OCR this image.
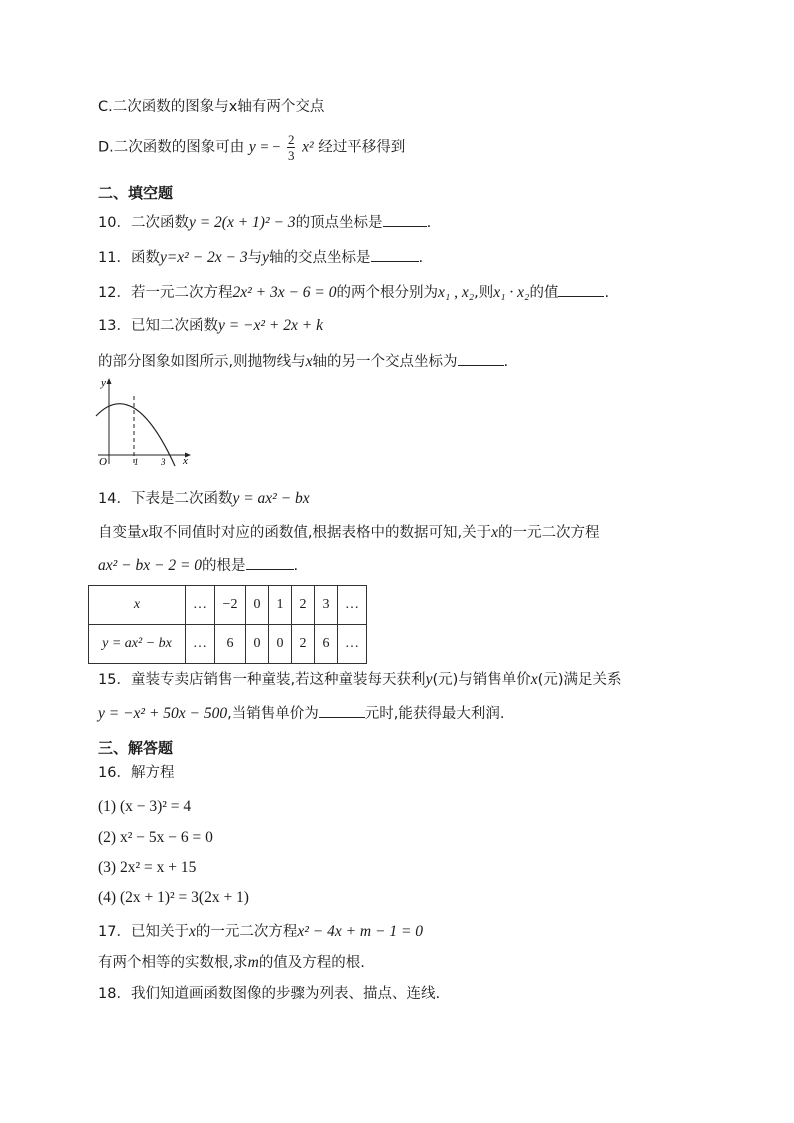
C.二次函数的图象与x轴有两个交点
D.二次函数的图象可由 y = − $\frac{2}{3} x^2$ 经过平移得到
二、填空题
10．二次函数y = 2(x + 1)² − 3的顶点坐标是	.
11．函数y=x² − 2x − 3与y轴的交点坐标是	.
12．若一元二次方程2x² + 3x − 6 = 0的两个根分别为x₁ , x₂,则x₁ · x₂的值	.
13．已知二次函数y = −x² + 2x + k
的部分图象如图所示,则抛物线与x轴的另一个交点坐标为	.
y
x
O	1	3
14．下表是二次函数y = ax² − bx
自变量x取不同值时对应的函数值,根据表格中的数据可知,关于x的一元二次方程
ax² − bx − 2 = 0的根是	.
x	…	−2	0	1	2	3	…
y = ax² − bx	…	6	0	0	2	6	…
15．童装专卖店销售一种童装,若这种童装每天获利y(元)与销售单价x(元)满足关系
y = −x² + 50x − 500,当销售单价为	元时,能获得最大利润.
三、解答题
16．解方程
(1) (x − 3)² = 4
(2) x² − 5x − 6 = 0
(3) 2x² = x + 15
(4) (2x + 1)² = 3(2x + 1)
17．已知关于x的一元二次方程x² − 4x + m − 1 = 0
有两个相等的实数根,求m的值及方程的根.
18．我们知道画函数图像的步骤为列表、描点、连线.
